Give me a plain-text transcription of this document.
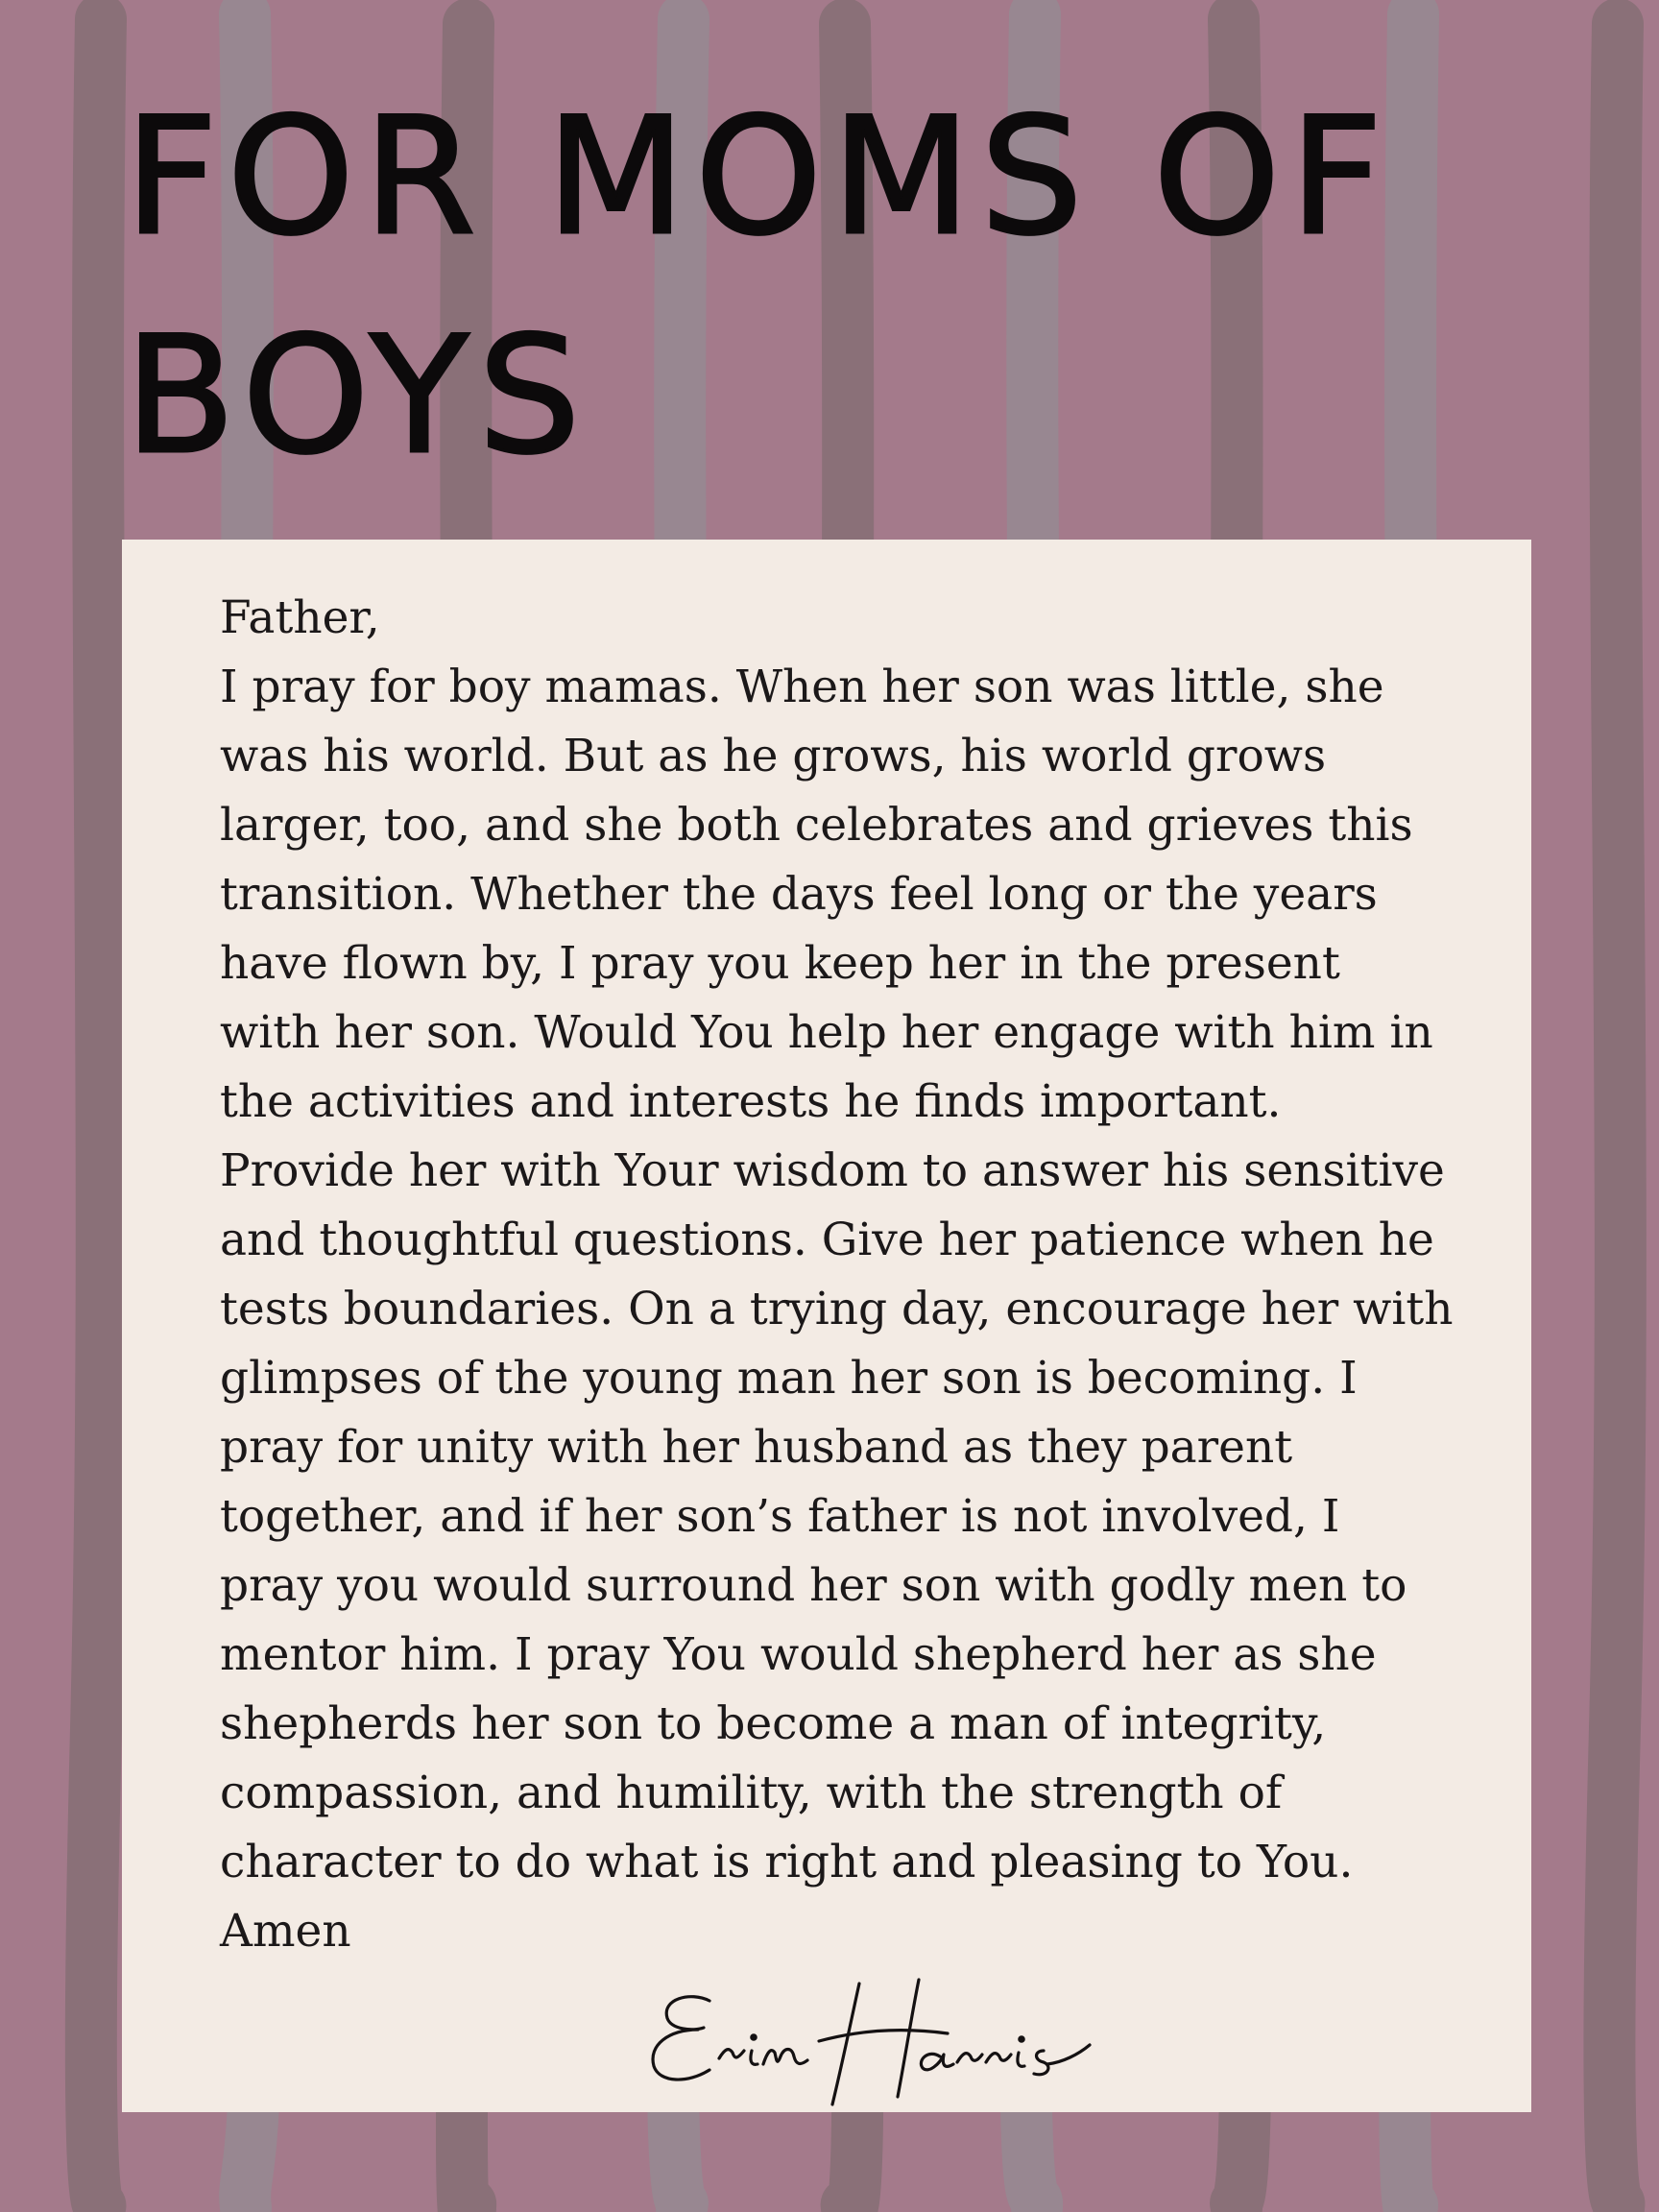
FOR MOMS OF BOYS

Father,
I pray for boy mamas. When her son was little, she was his world. But as he grows, his world grows larger, too, and she both celebrates and grieves this transition. Whether the days feel long or the years have flown by, I pray you keep her in the present with her son. Would You help her engage with him in the activities and interests he finds important. Provide her with Your wisdom to answer his sensitive and thoughtful questions. Give her patience when he tests boundaries. On a trying day, encourage her with glimpses of the young man her son is becoming. I pray for unity with her husband as they parent together, and if her son’s father is not involved, I pray you would surround her son with godly men to mentor him. I pray You would shepherd her as she shepherds her son to become a man of integrity, compassion, and humility, with the strength of character to do what is right and pleasing to You.
Amen
